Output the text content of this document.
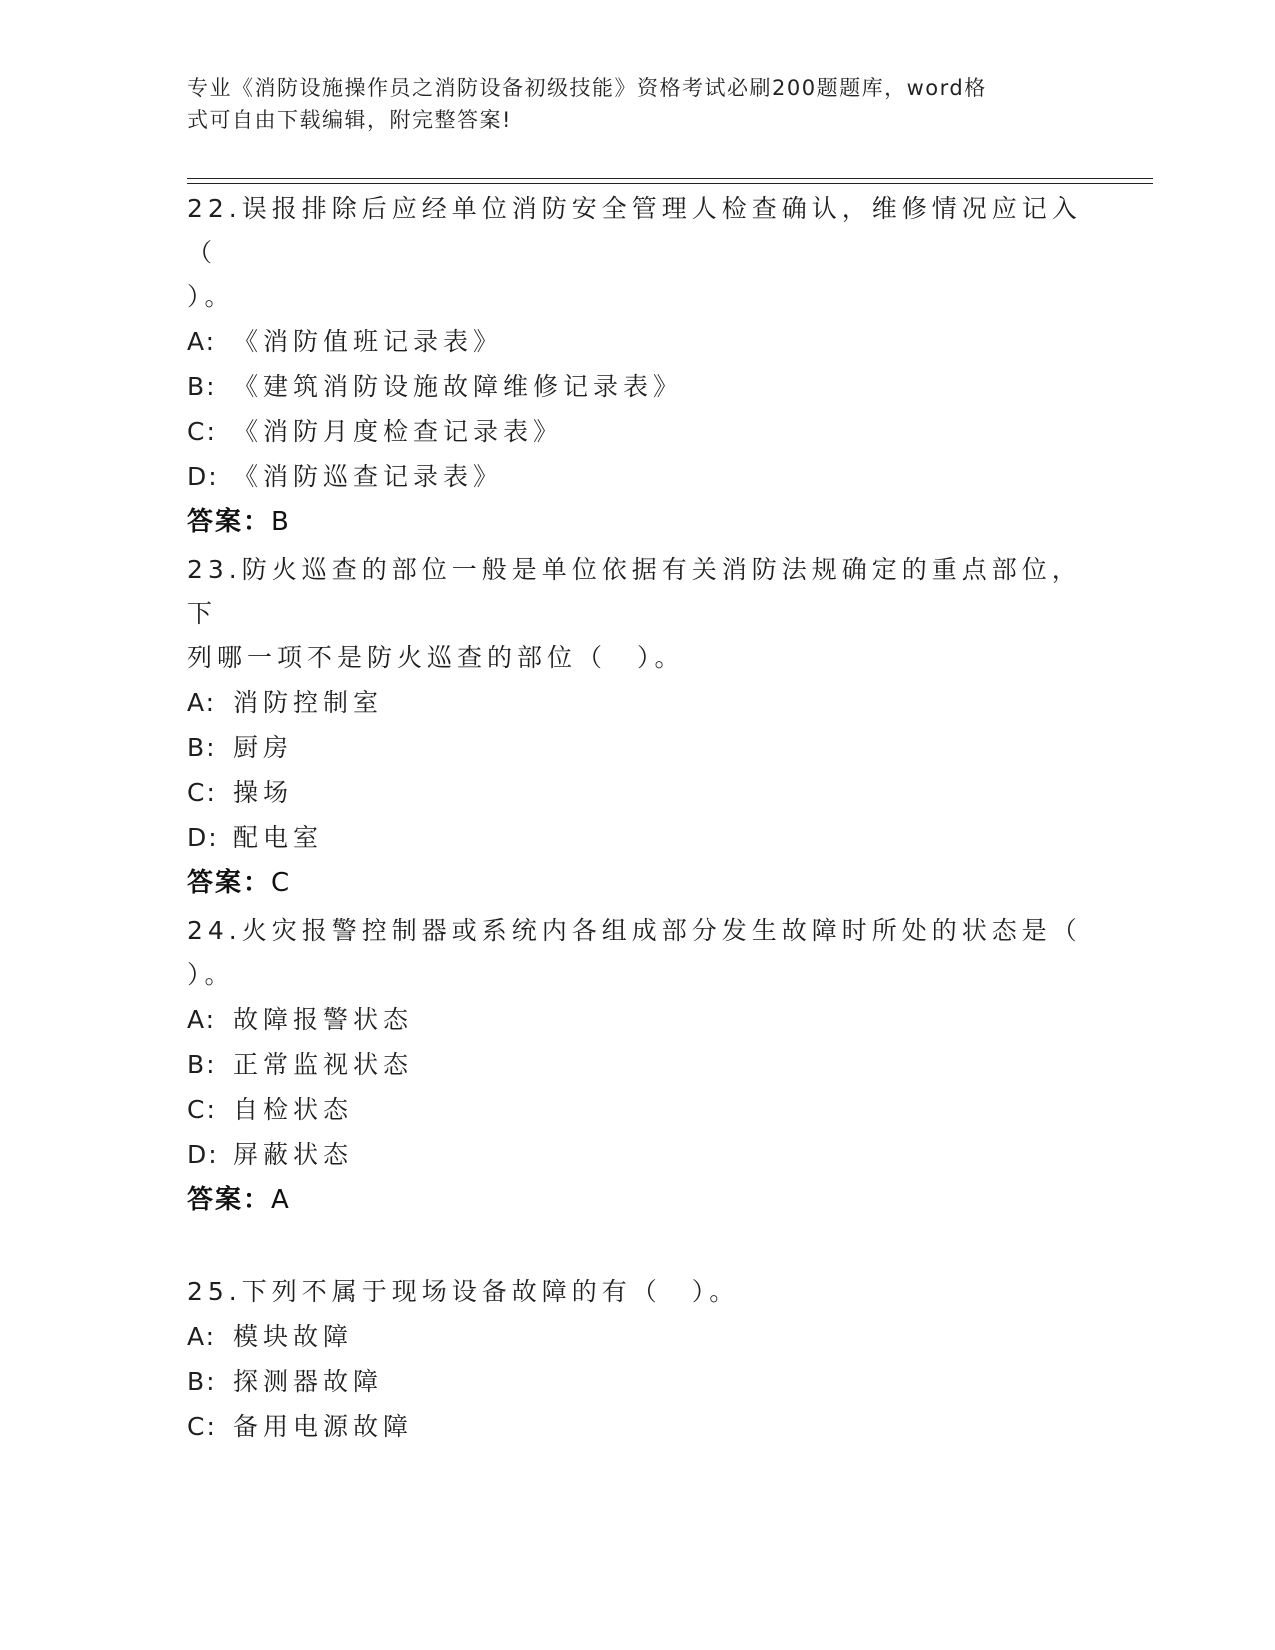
专业《消防设施操作员之消防设备初级技能》资格考试必刷200题题库，word格
式可自由下载编辑，附完整答案!
22.误报排除后应经单位消防安全管理人检查确认，维修情况应记入（
）。
A: 《消防值班记录表》
B: 《建筑消防设施故障维修记录表》
C: 《消防月度检查记录表》
D: 《消防巡查记录表》
答案：B
23.防火巡查的部位一般是单位依据有关消防法规确定的重点部位，下
列哪一项不是防火巡查的部位（　）。
A: 消防控制室
B: 厨房
C: 操场
D: 配电室
答案：C
24.火灾报警控制器或系统内各组成部分发生故障时所处的状态是（
）。
A: 故障报警状态
B: 正常监视状态
C: 自检状态
D: 屏蔽状态
答案：A
25.下列不属于现场设备故障的有（　）。
A: 模块故障
B: 探测器故障
C: 备用电源故障
